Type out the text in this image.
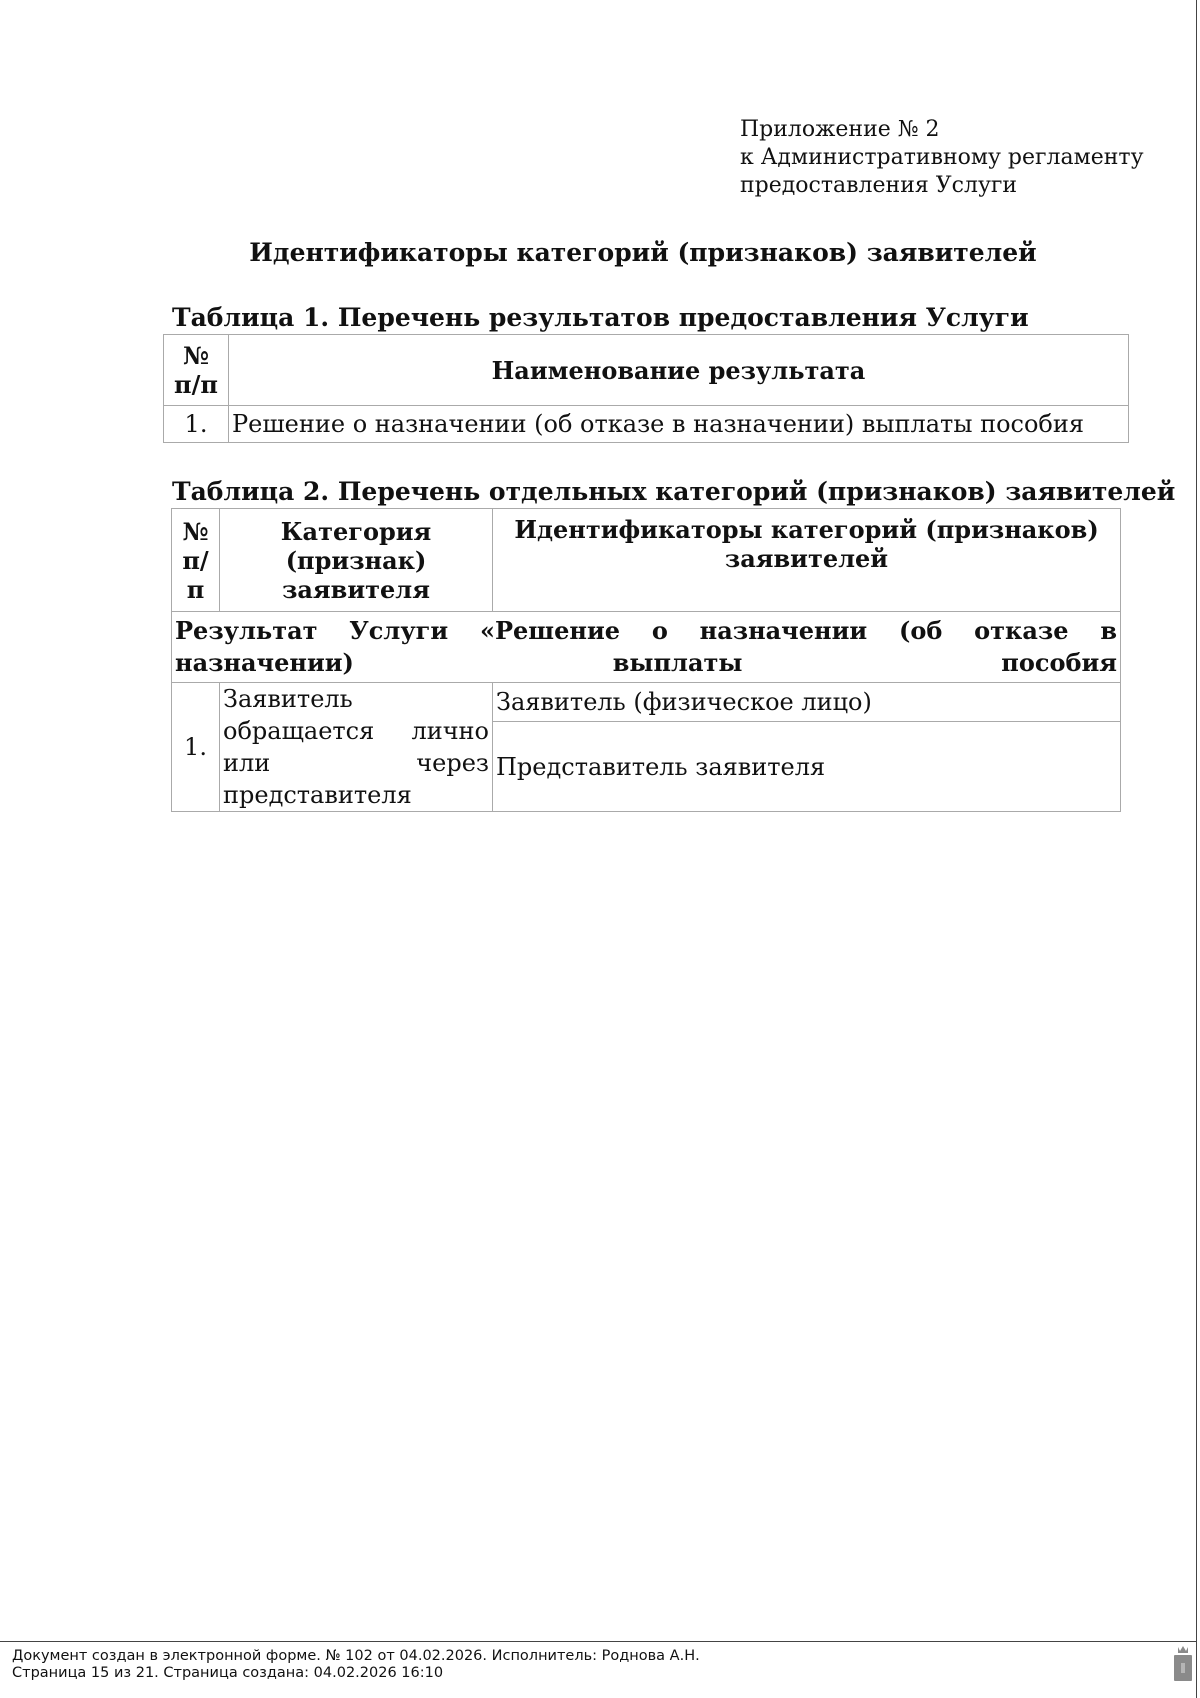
Приложение № 2
к Административному регламенту
предоставления Услуги
Идентификаторы категорий (признаков) заявителей
Таблица 1. Перечень результатов предоставления Услуги
№ п/п	Наименование результата
1.	Решение о назначении (об отказе в назначении) выплаты пособия
Таблица 2. Перечень отдельных категорий (признаков) заявителей
№ п/п	Категория (признак) заявителя	Идентификаторы категорий (признаков) заявителей
Результат Услуги «Решение о назначении (об отказе в назначении) выплаты пособия		
1.	Заявитель обращается лично или через представителя	Заявитель (физическое лицо)
		Представитель заявителя
Документ создан в электронной форме. № 102 от 04.02.2026. Исполнитель: Роднова А.Н.
Страница 15 из 21. Страница создана: 04.02.2026 16:10
